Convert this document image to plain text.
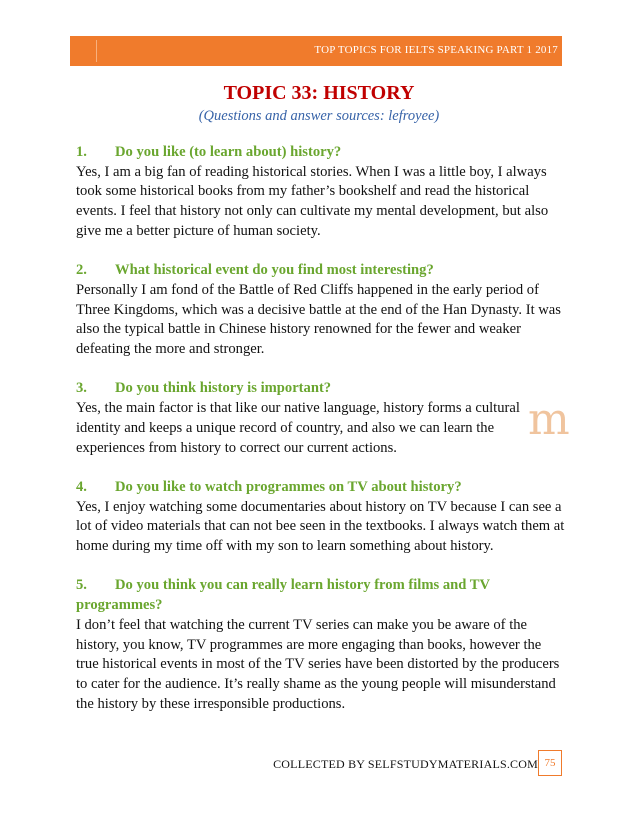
TOP TOPICS FOR IELTS SPEAKING PART 1 2017
TOPIC 33: HISTORY
(Questions and answer sources: lefroyee)
1.	Do you like (to learn about) history?
Yes, I am a big fan of reading historical stories. When I was a little boy, I always took some historical books from my father’s bookshelf and read the historical events. I feel that history not only can cultivate my mental development, but also give me a better picture of human society.
2.	What historical event do you find most interesting?
Personally I am fond of the Battle of Red Cliffs happened in the early period of Three Kingdoms, which was a decisive battle at the end of the Han Dynasty. It was also the typical battle in Chinese history renowned for the fewer and weaker defeating the more and stronger.
3.	Do you think history is important?
Yes, the main factor is that like our native language, history forms a cultural identity and keeps a unique record of country, and also we can learn the experiences from history to correct our current actions.
4.	Do you like to watch programmes on TV about history?
Yes, I enjoy watching some documentaries about history on TV because I can see a lot of video materials that can not bee seen in the textbooks. I always watch them at home during my time off with my son to learn something about history.
5. Do you think you can really learn history from films and TV programmes?
I don’t feel that watching the current TV series can make you be aware of the history, you know, TV programmes are more engaging than books, however the true historical events in most of the TV series have been distorted by the producers to cater for the audience. It’s really shame as the young people will misunderstand the history by these irresponsible productions.
m
COLLECTED BY SELFSTUDYMATERIALS.COM 75
